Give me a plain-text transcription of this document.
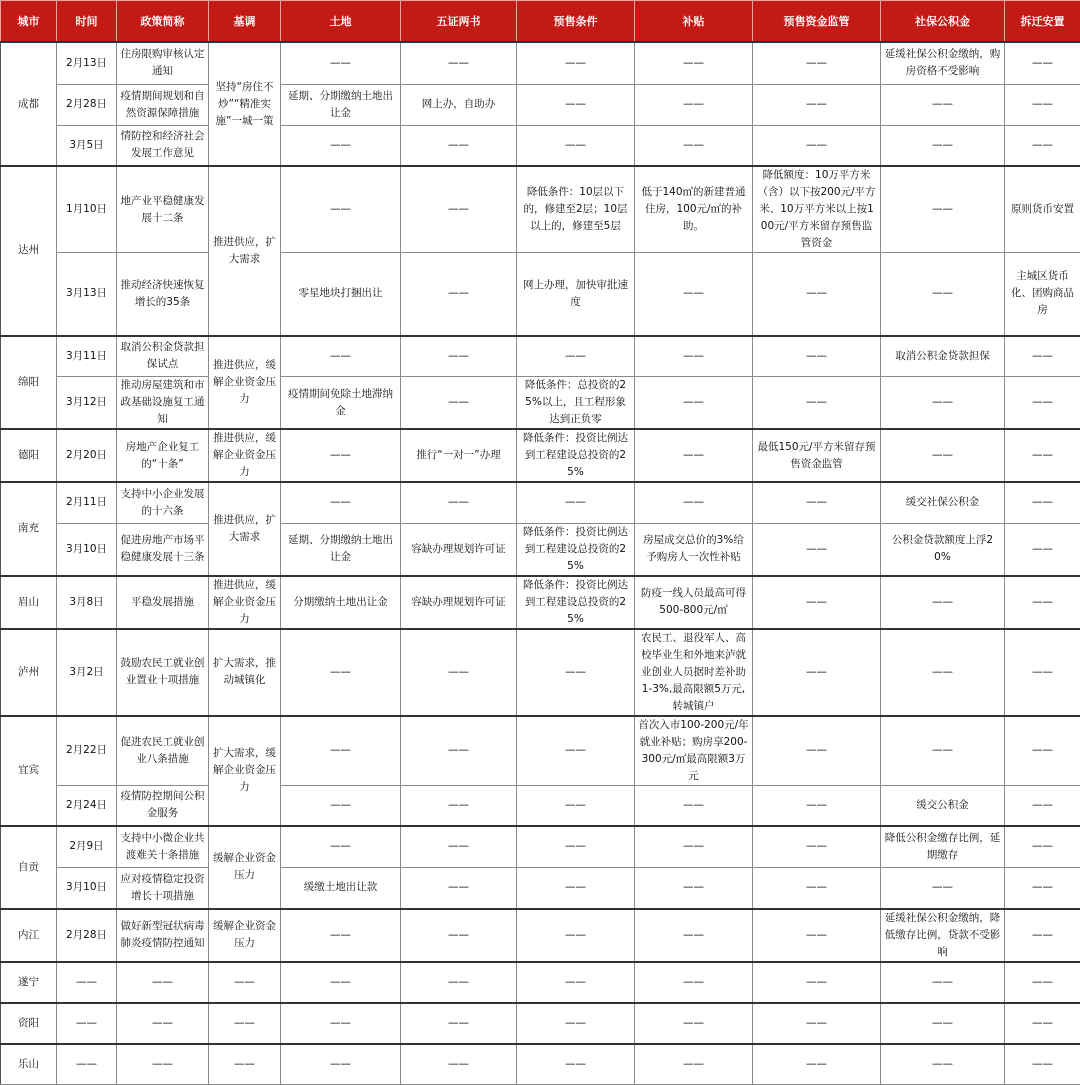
城市	时间	政策简称	基调	土地	五证两书	预售条件	补贴	预售资金监管	社保公积金	拆迁安置
成都	2月13日	住房限购审核认定通知	坚持“房住不炒”“精准实施”一城一策	——	——	——	——	——	延缓社保公积金缴纳，购房资格不受影响	——
	2月28日	疫情期间规划和自然资源保障措施		延期、分期缴纳土地出让金	网上办，自助办	——	——	——	——	——
	3月5日	情防控和经济社会发展工作意见		——	——	——	——	——	——	——
达州	1月10日	地产业平稳健康发展十二条	推进供应，扩大需求	——	——	降低条件：10层以下的，修建至2层；10层以上的，修建至5层	低于140㎡的新建普通住房，100元/㎡的补助。	降低额度：10万平方米（含）以下按200元/平方米、10万平方米以上按100元/平方米留存预售监管资金	——	原则货币安置
	3月13日	推动经济快速恢复增长的35条		零星地块打捆出让	——	网上办理，加快审批速度	——	——	——	主城区货币化、团购商品房
绵阳	3月11日	取消公积金贷款担保试点	推进供应，缓解企业资金压力	——	——	——	——	——	取消公积金贷款担保	——
	3月12日	推动房屋建筑和市政基础设施复工通知		疫情期间免除土地滞纳金	——	降低条件：总投资的25%以上，且工程形象达到正负零	——	——	——	——
德阳	2月20日	房地产企业复工的“十条”	推进供应，缓解企业资金压力	——	推行“一对一”办理	降低条件：投资比例达到工程建设总投资的25%	——	最低150元/平方米留存预售资金监管	——	——
南充	2月11日	支持中小企业发展的十六条	推进供应，扩大需求	——	——	——	——	——	缓交社保公积金	——
	3月10日	促进房地产市场平稳健康发展十三条		延期、分期缴纳土地出让金	容缺办理规划许可证	降低条件：投资比例达到工程建设总投资的25%	房屋成交总价的3%给予购房人一次性补贴	——	公积金贷款额度上浮20%	——
眉山	3月8日	平稳发展措施	推进供应，缓解企业资金压力	分期缴纳土地出让金	容缺办理规划许可证	降低条件：投资比例达到工程建设总投资的25%	防疫一线人员最高可得500-800元/㎡	——	——	——
泸州	3月2日	鼓励农民工就业创业置业十项措施	扩大需求，推动城镇化	——	——	——	农民工、退役军人、高校毕业生和外地来泸就业创业人员据时差补助1-3%,最高限额5万元,转城镇户	——	——	——
宜宾	2月22日	促进农民工就业创业八条措施	扩大需求，缓解企业资金压力	——	——	——	首次入市100-200元/年就业补贴；购房享200-300元/㎡最高限额3万元	——	——	——
	2月24日	疫情防控期间公积金服务		——	——	——	——	——	缓交公积金	——
自贡	2月9日	支持中小微企业共渡难关十条措施	缓解企业资金压力	——	——	——	——	——	降低公积金缴存比例，延期缴存	——
	3月10日	应对疫情稳定投资增长十项措施		缓缴土地出让款	——	——	——	——	——	——
内江	2月28日	做好新型冠状病毒肺炎疫情防控通知	缓解企业资金压力	——	——	——	——	——	延缓社保公积金缴纳，降低缴存比例，贷款不受影响	——
遂宁	——	——	——	——	——	——	——	——	——	——
资阳	——	——	——	——	——	——	——	——	——	——
乐山	——	——	——	——	——	——	——	——	——	——
